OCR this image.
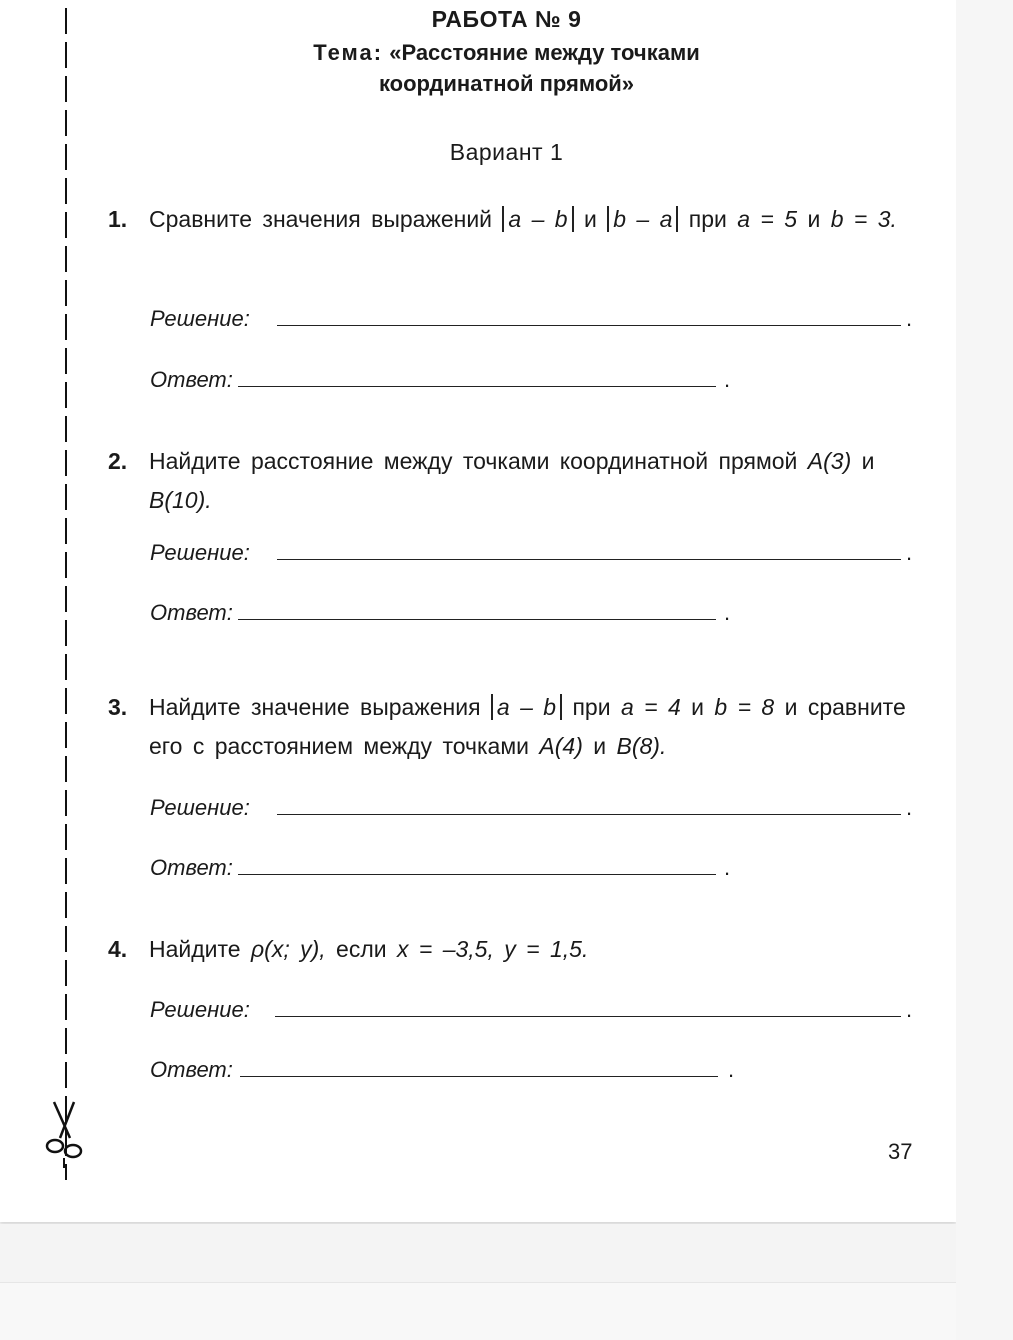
РАБОТА № 9
Тема: «Расстояние между точками
координатной прямой»
Вариант 1
1. Сравните значения выражений a – b и b – a при a = 5 и b = 3.
Решение:	.
Ответ:	.
2. Найдите расстояние между точками координатной прямой A(3) и B(10).
Решение:	.
Ответ:	.
3. Найдите значение выражения a – b при a = 4 и b = 8 и сравните его с расстоянием между точками A(4) и B(8).
Решение:	.
Ответ:	.
4. Найдите ρ(x; y), если x = –3,5, y = 1,5.
Решение:	.
Ответ:	.
37
